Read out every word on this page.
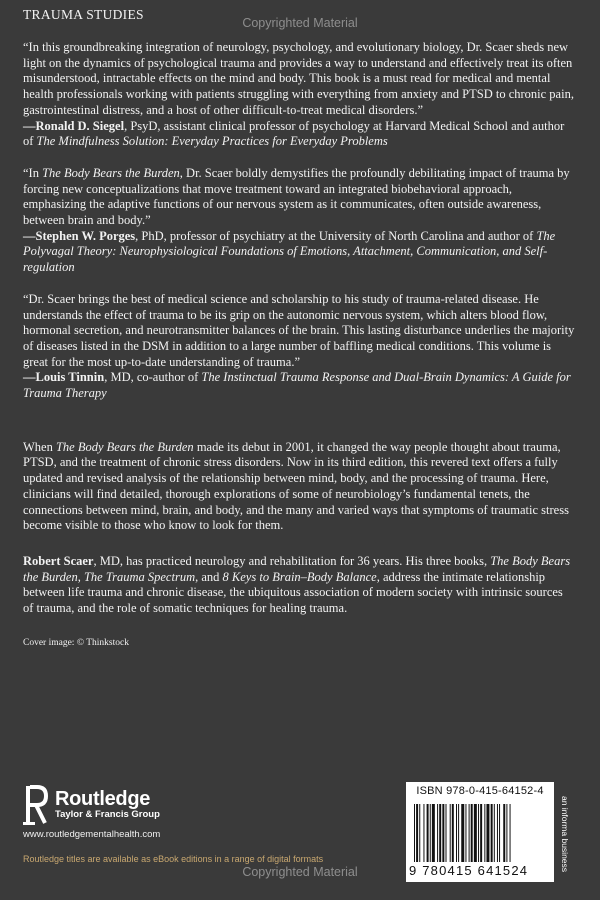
Copyrighted Material
TRAUMA STUDIES

“In this groundbreaking integration of neurology, psychology, and evolutionary biology, Dr. Scaer sheds new light on the dynamics of psychological trauma and provides a way to understand and effectively treat its often misunderstood, intractable effects on the mind and body. This book is a must read for medical and mental health professionals working with patients struggling with everything from anxiety and PTSD to chronic pain, gastrointestinal distress, and a host of other difficult-to-treat medical disorders.”

—Ronald D. Siegel, PsyD, assistant clinical professor of psychology at Harvard Medical School and author of The Mindfulness Solution: Everyday Practices for Everyday Problems

“In The Body Bears the Burden, Dr. Scaer boldly demystifies the profoundly debilitating impact of trauma by forcing new conceptualizations that move treatment toward an integrated biobehavioral approach, emphasizing the adaptive functions of our nervous system as it communicates, often outside awareness, between brain and body.”

—Stephen W. Porges, PhD, professor of psychiatry at the University of North Carolina and author of The Polyvagal Theory: Neurophysiological Foundations of Emotions, Attachment, Communication, and Self-regulation

“Dr. Scaer brings the best of medical science and scholarship to his study of trauma-related disease. He understands the effect of trauma to be its grip on the autonomic nervous system, which alters blood flow, hormonal secretion, and neurotransmitter balances of the brain. This lasting disturbance underlies the majority of diseases listed in the DSM in addition to a large number of baffling medical conditions. This volume is great for the most up-to-date understanding of trauma.”

—Louis Tinnin, MD, co-author of The Instinctual Trauma Response and Dual-Brain Dynamics: A Guide for Trauma Therapy

When The Body Bears the Burden made its debut in 2001, it changed the way people thought about trauma, PTSD, and the treatment of chronic stress disorders. Now in its third edition, this revered text offers a fully updated and revised analysis of the relationship between mind, body, and the processing of trauma. Here, clinicians will find detailed, thorough explorations of some of neurobiology’s fundamental tenets, the connections between mind, brain, and body, and the many and varied ways that symptoms of traumatic stress become visible to those who know to look for them.

Robert Scaer, MD, has practiced neurology and rehabilitation for 36 years. His three books, The Body Bears the Burden, The Trauma Spectrum, and 8 Keys to Brain–Body Balance, address the intimate relationship between life trauma and chronic disease, the ubiquitous association of modern society with intrinsic sources of trauma, and the role of somatic techniques for healing trauma.

Cover image: © Thinkstock

Routledge
Taylor & Francis Group
www.routledgementalhealth.com
Routledge titles are available as eBook editions in a range of digital formats
ISBN 978-0-415-64152-4
9 780415 641524	an informa business
Copyrighted Material
